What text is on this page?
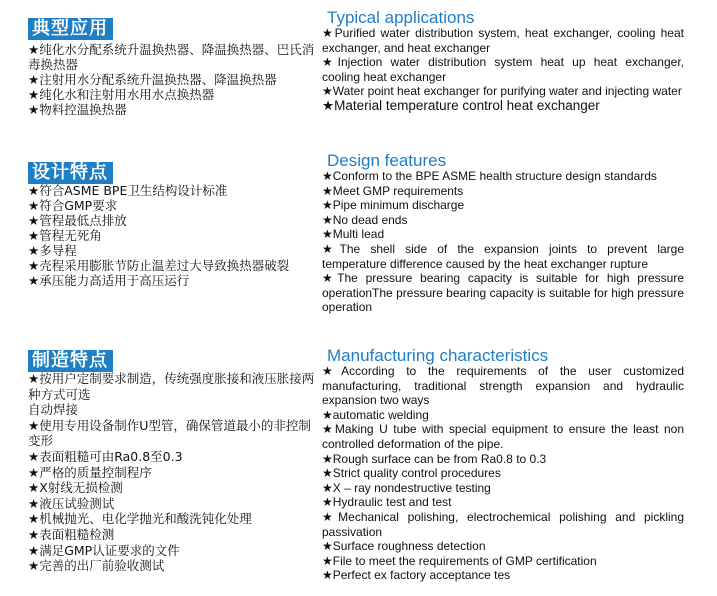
典型应用
★纯化水分配系统升温换热器、降温换热器、巴氏消毒换热器
★注射用水分配系统升温换热器、降温换热器
★纯化水和注射用水用水点换热器
★物料控温换热器
Typical applications
★Purified water distribution system, heat exchanger, cooling heat exchanger, and heat exchanger
★Injection water distribution system heat up heat exchanger, cooling heat exchanger
★Water point heat exchanger for purifying water and injecting water
★Material temperature control heat exchanger
设计特点
★符合ASME BPE卫生结构设计标准
★符合GMP要求
★管程最低点排放
★管程无死角
★多导程
★壳程采用膨胀节防止温差过大导致换热器破裂
★承压能力高适用于高压运行
Design features
★Conform to the BPE ASME health structure design standards
★Meet GMP requirements
★Pipe minimum discharge
★No dead ends
★Multi lead
★The shell side of the expansion joints to prevent large temperature difference caused by the heat exchanger rupture
★The pressure bearing capacity is suitable for high pressure operationThe pressure bearing capacity is suitable for high pressure operation
制造特点
★按用户定制要求制造，传统强度胀接和液压胀接两种方式可选
自动焊接
★使用专用设备制作U型管，确保管道最小的非控制变形
★表面粗糙可由Ra0.8至0.3
★严格的质量控制程序
★X射线无损检测
★液压试验测试
★机械抛光、电化学抛光和酸洗钝化处理
★表面粗糙检测
★满足GMP认证要求的文件
★完善的出厂前验收测试
Manufacturing characteristics
★According to the requirements of the user customized manufacturing, traditional strength expansion and hydraulic expansion two ways
★automatic welding
★Making U tube with special equipment to ensure the least non controlled deformation of the pipe.
★Rough surface can be from Ra0.8 to 0.3
★Strict quality control procedures
★X – ray nondestructive testing
★Hydraulic test and test
★Mechanical polishing, electrochemical polishing and pickling passivation
★Surface roughness detection
★File to meet the requirements of GMP certification
★Perfect ex factory acceptance tes
